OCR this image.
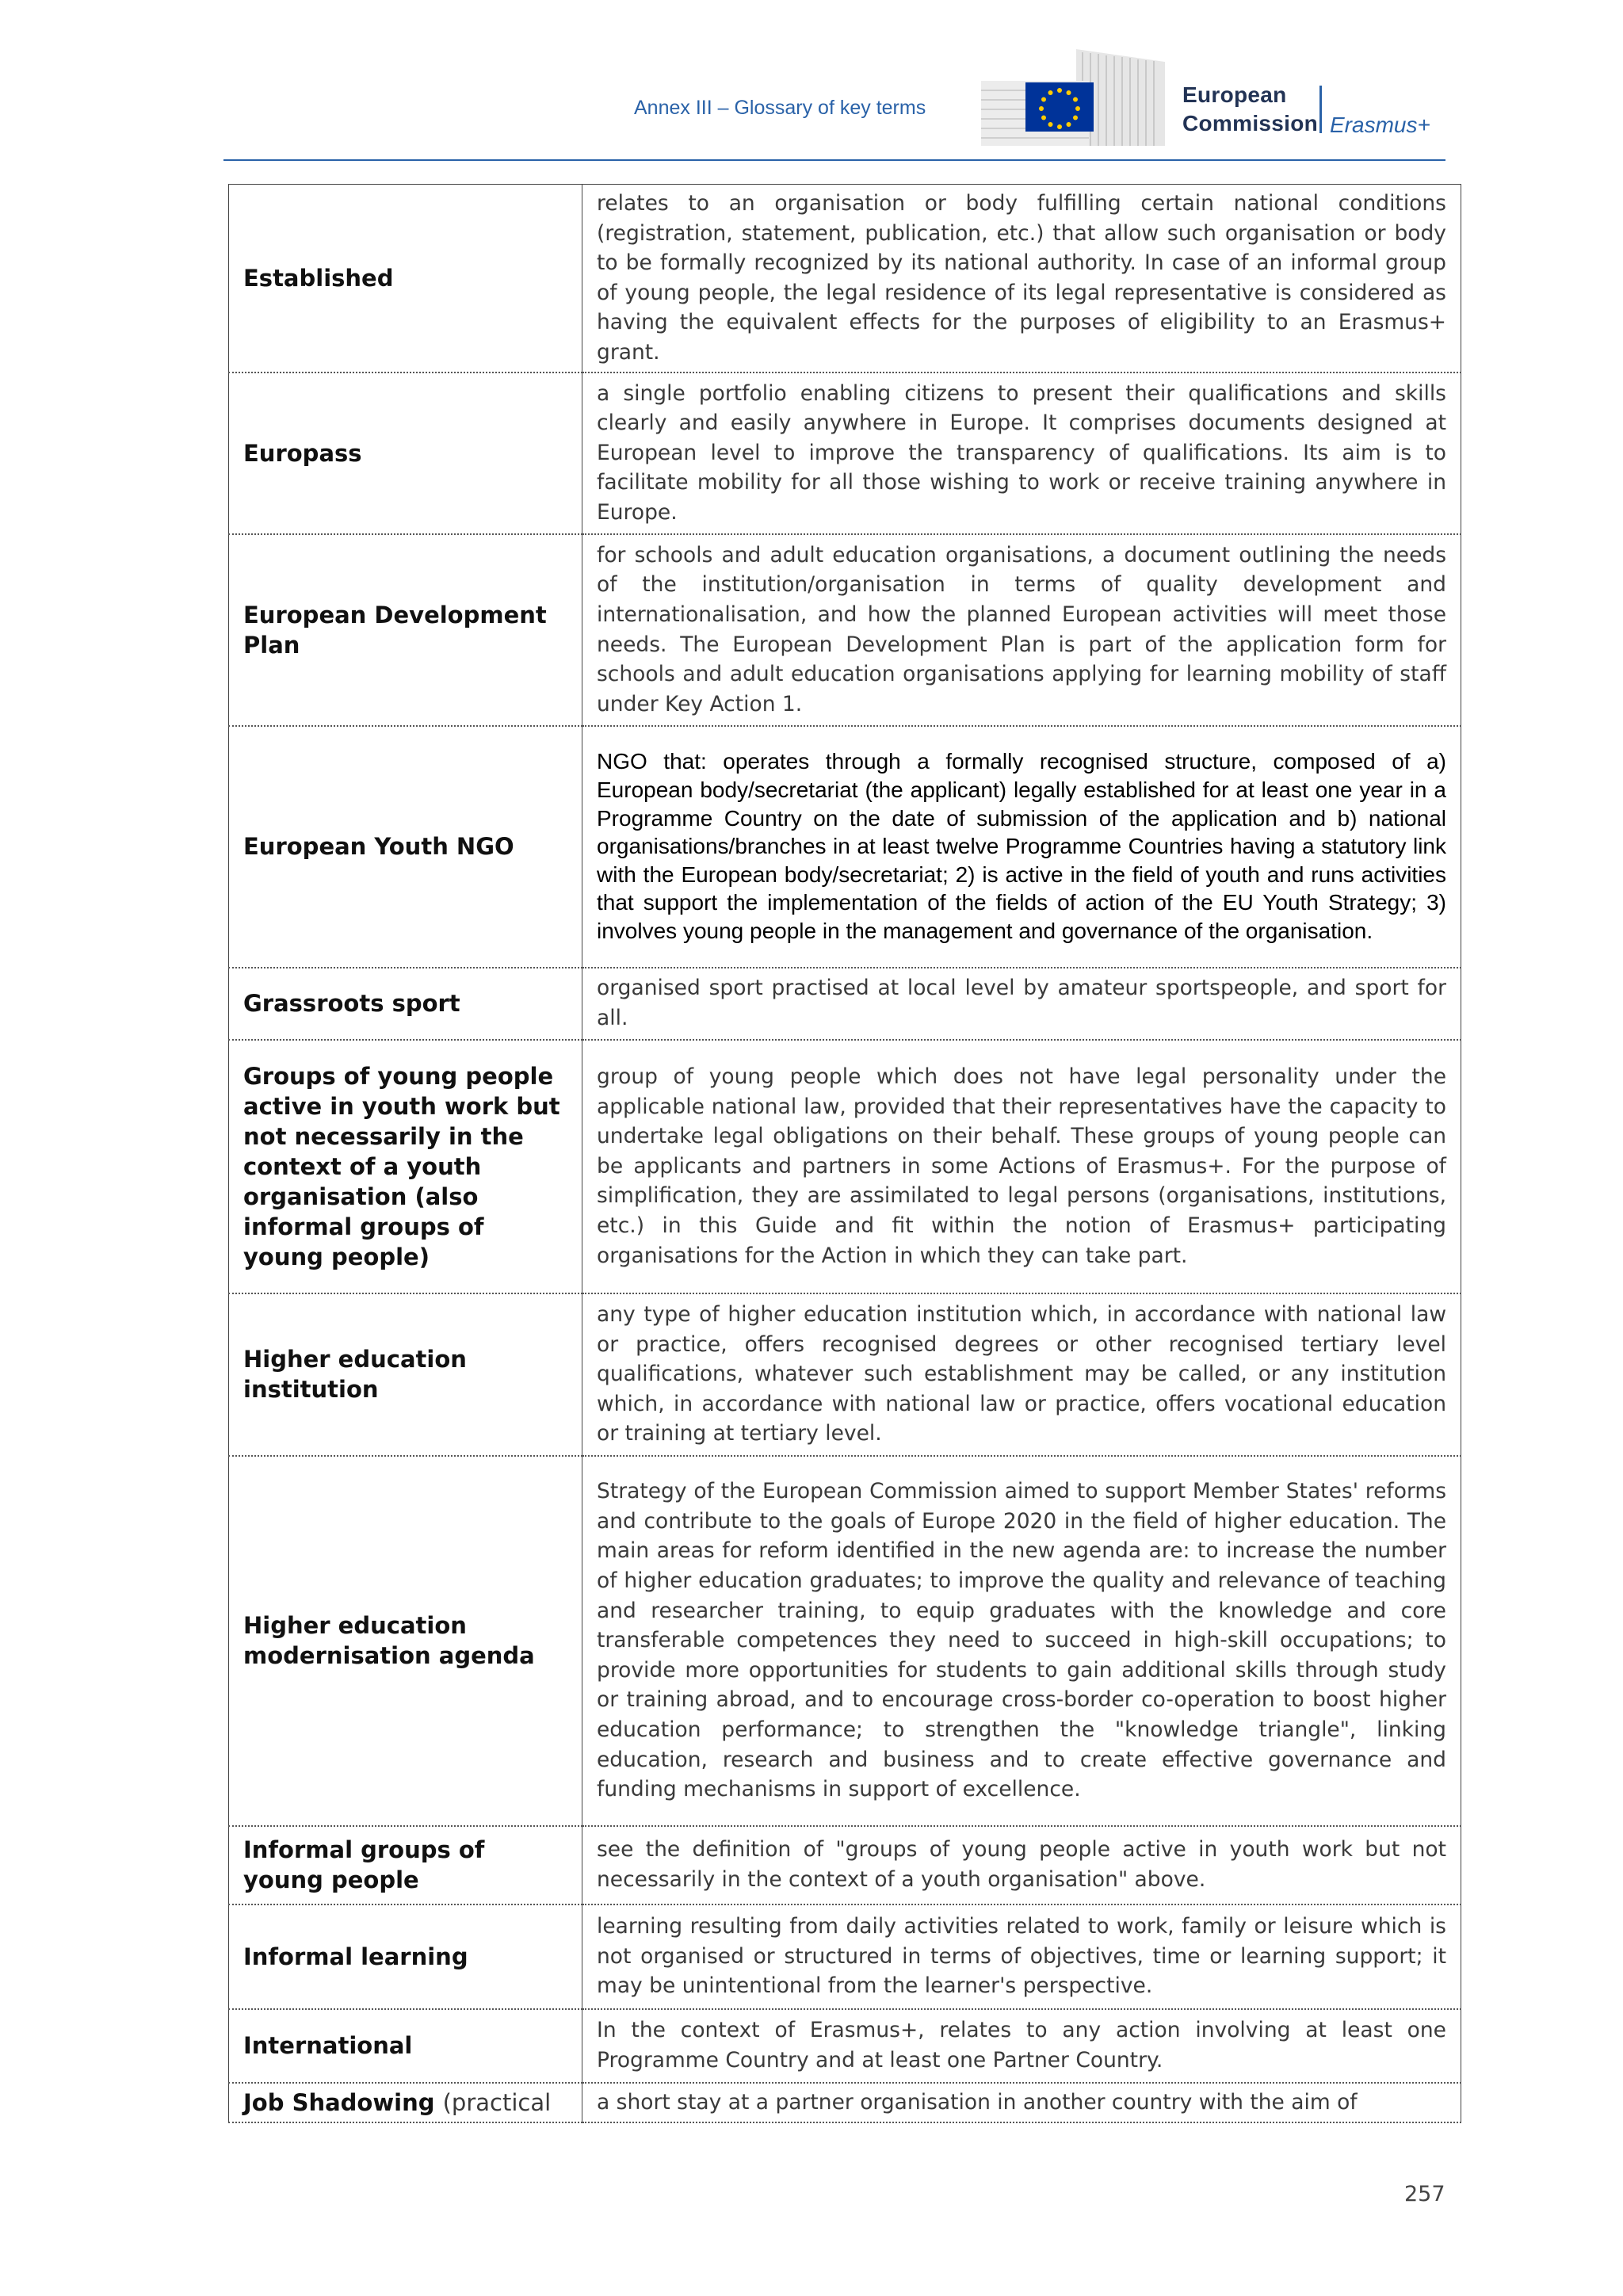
Annex III – Glossary of key terms
European
Commission Erasmus+
Established	relates to an organisation or body fulfilling certain national conditions (registration, statement, publication, etc.) that allow such organisation or body to be formally recognized by its national authority. In case of an informal group of young people, the legal residence of its legal representative is considered as having the equivalent effects for the purposes of eligibility to an Erasmus+ grant.
Europass	a single portfolio enabling citizens to present their qualifications and skills clearly and easily anywhere in Europe. It comprises documents designed at European level to improve the transparency of qualifications. Its aim is to facilitate mobility for all those wishing to work or receive training anywhere in Europe.
European Development Plan	for schools and adult education organisations, a document outlining the needs of the institution/organisation in terms of quality development and internationalisation, and how the planned European activities will meet those needs. The European Development Plan is part of the application form for schools and adult education organisations applying for learning mobility of staff under Key Action 1.
European Youth NGO	NGO that: operates through a formally recognised structure, composed of a) European body/secretariat (the applicant) legally established for at least one year in a Programme Country on the date of submission of the application and b) national organisations/branches in at least twelve Programme Countries having a statutory link with the European body/secretariat; 2) is active in the field of youth and runs activities that support the implementation of the fields of action of the EU Youth Strategy; 3) involves young people in the management and governance of the organisation.
Grassroots sport	organised sport practised at local level by amateur sportspeople, and sport for all.
Groups of young people active in youth work but not necessarily in the context of a youth organisation (also informal groups of young people)	group of young people which does not have legal personality under the applicable national law, provided that their representatives have the capacity to undertake legal obligations on their behalf. These groups of young people can be applicants and partners in some Actions of Erasmus+. For the purpose of simplification, they are assimilated to legal persons (organisations, institutions, etc.) in this Guide and fit within the notion of Erasmus+ participating organisations for the Action in which they can take part.
Higher education institution	any type of higher education institution which, in accordance with national law or practice, offers recognised degrees or other recognised tertiary level qualifications, whatever such establishment may be called, or any institution which, in accordance with national law or practice, offers vocational education or training at tertiary level.
Higher education modernisation agenda	Strategy of the European Commission aimed to support Member States' reforms and contribute to the goals of Europe 2020 in the field of higher education. The main areas for reform identified in the new agenda are: to increase the number of higher education graduates; to improve the quality and relevance of teaching and researcher training, to equip graduates with the knowledge and core transferable competences they need to succeed in high-skill occupations; to provide more opportunities for students to gain additional skills through study or training abroad, and to encourage cross-border co-operation to boost higher education performance; to strengthen the "knowledge triangle", linking education, research and business and to create effective governance and funding mechanisms in support of excellence.
Informal groups of young people	see the definition of "groups of young people active in youth work but not necessarily in the context of a youth organisation" above.
Informal learning	learning resulting from daily activities related to work, family or leisure which is not organised or structured in terms of objectives, time or learning support; it may be unintentional from the learner's perspective.
International	In the context of Erasmus+, relates to any action involving at least one Programme Country and at least one Partner Country.
Job Shadowing (practical	a short stay at a partner organisation in another country with the aim of
257
